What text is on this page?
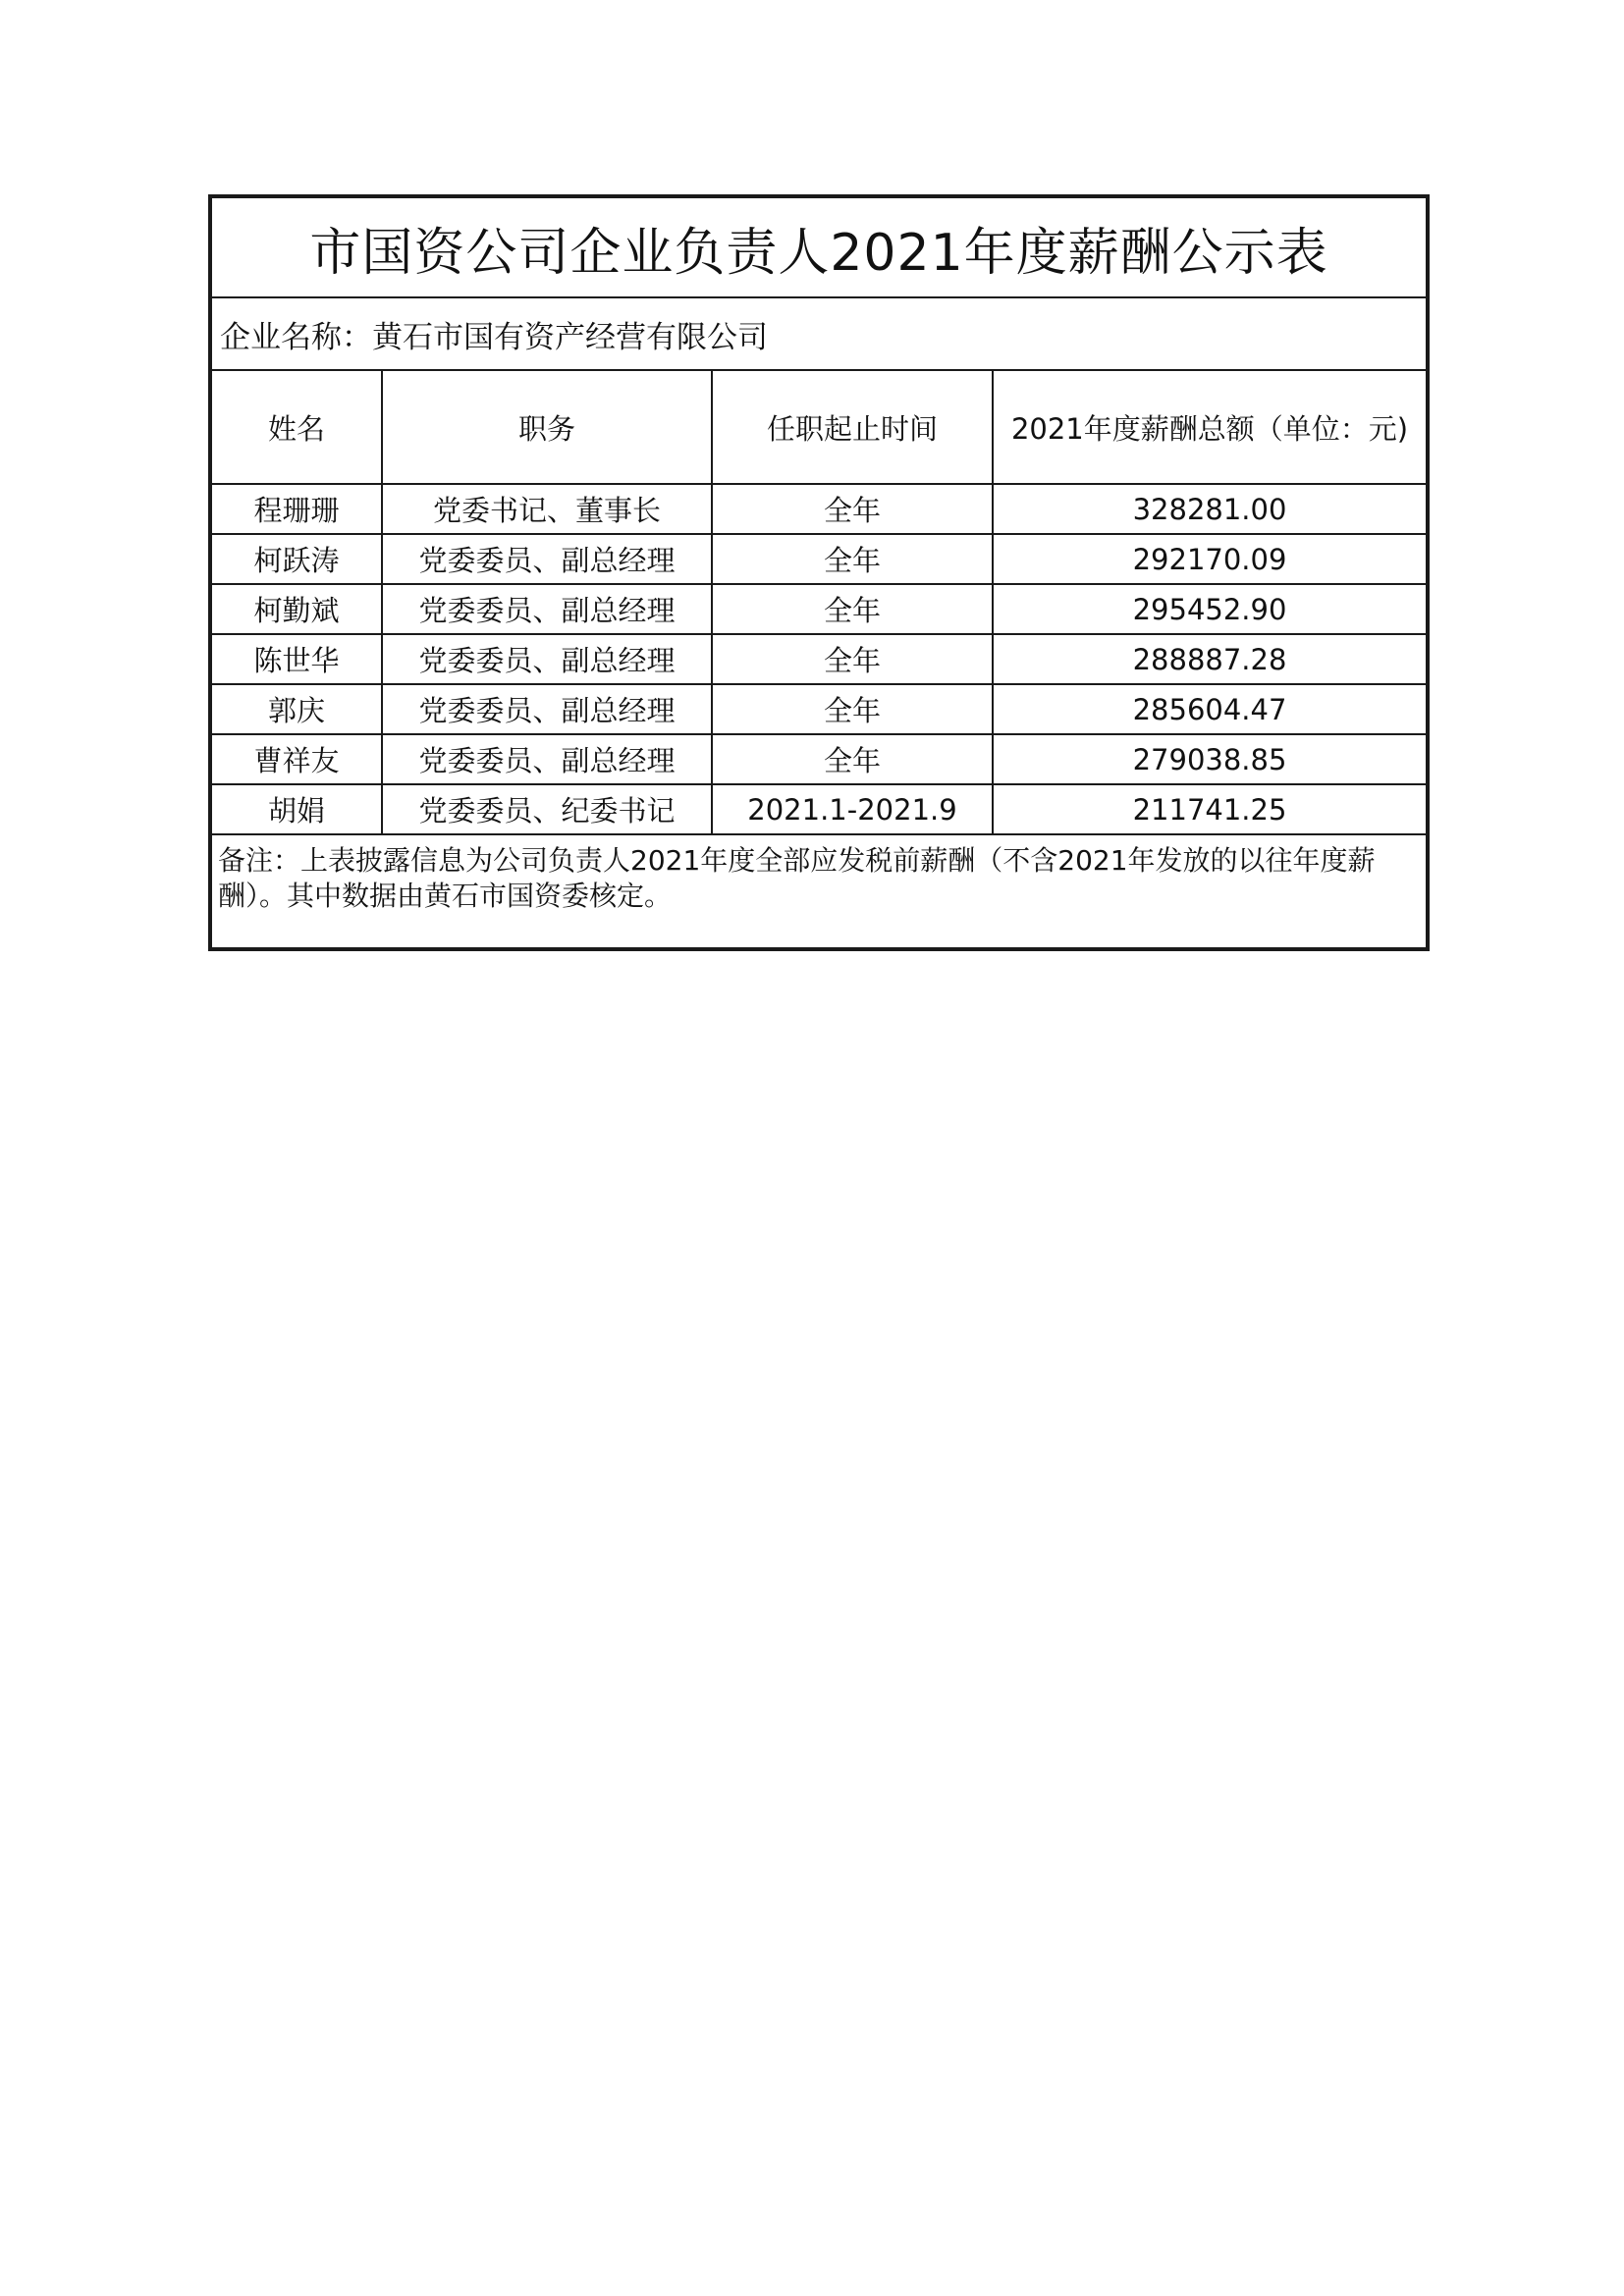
市国资公司企业负责人2021年度薪酬公示表			
企业名称：黄石市国有资产经营有限公司			
姓名	职务	任职起止时间	2021年度薪酬总额（单位：元)
程珊珊	党委书记、董事长	全年	328281.00
柯跃涛	党委委员、副总经理	全年	292170.09
柯勤斌	党委委员、副总经理	全年	295452.90
陈世华	党委委员、副总经理	全年	288887.28
郭庆	党委委员、副总经理	全年	285604.47
曹祥友	党委委员、副总经理	全年	279038.85
胡娟	党委委员、纪委书记	2021.1-2021.9	211741.25

备注：上表披露信息为公司负责人2021年度全部应发税前薪酬（不含2021年发放的以往年度薪酬）。其中数据由黄石市国资委核定。			
